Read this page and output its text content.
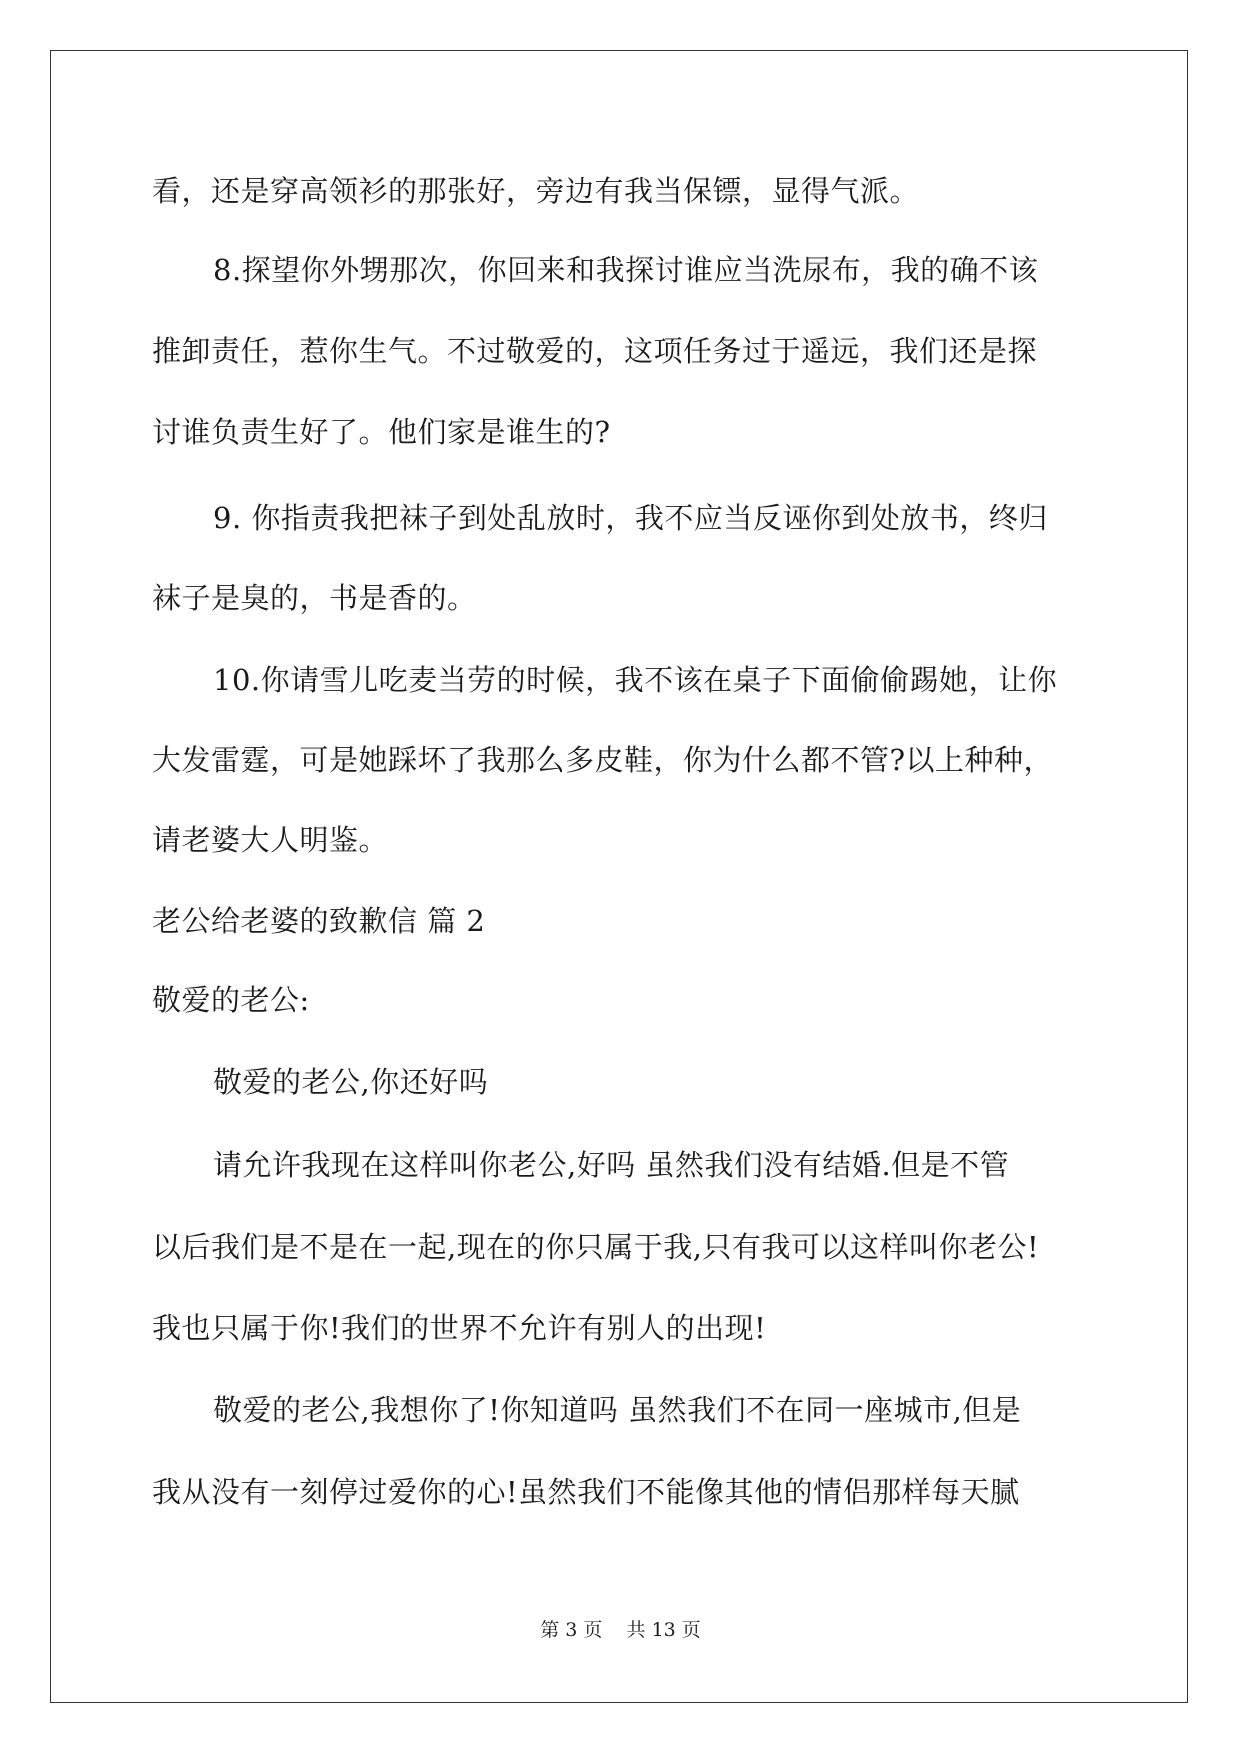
看，还是穿高领衫的那张好，旁边有我当保镖，显得气派。
8.探望你外甥那次，你回来和我探讨谁应当洗尿布，我的确不该
推卸责任，惹你生气。不过敬爱的，这项任务过于遥远，我们还是探
讨谁负责生好了。他们家是谁生的?
9. 你指责我把袜子到处乱放时，我不应当反诬你到处放书，终归
袜子是臭的，书是香的。
10.你请雪儿吃麦当劳的时候，我不该在桌子下面偷偷踢她，让你
大发雷霆，可是她踩坏了我那么多皮鞋，你为什么都不管?以上种种，
请老婆大人明鉴。
老公给老婆的致歉信 篇 2
敬爱的老公:
敬爱的老公,你还好吗
请允许我现在这样叫你老公,好吗 虽然我们没有结婚.但是不管
以后我们是不是在一起,现在的你只属于我,只有我可以这样叫你老公!
我也只属于你!我们的世界不允许有别人的出现!
敬爱的老公,我想你了!你知道吗 虽然我们不在同一座城市,但是
我从没有一刻停过爱你的心!虽然我们不能像其他的情侣那样每天腻
第 3 页    共 13 页
